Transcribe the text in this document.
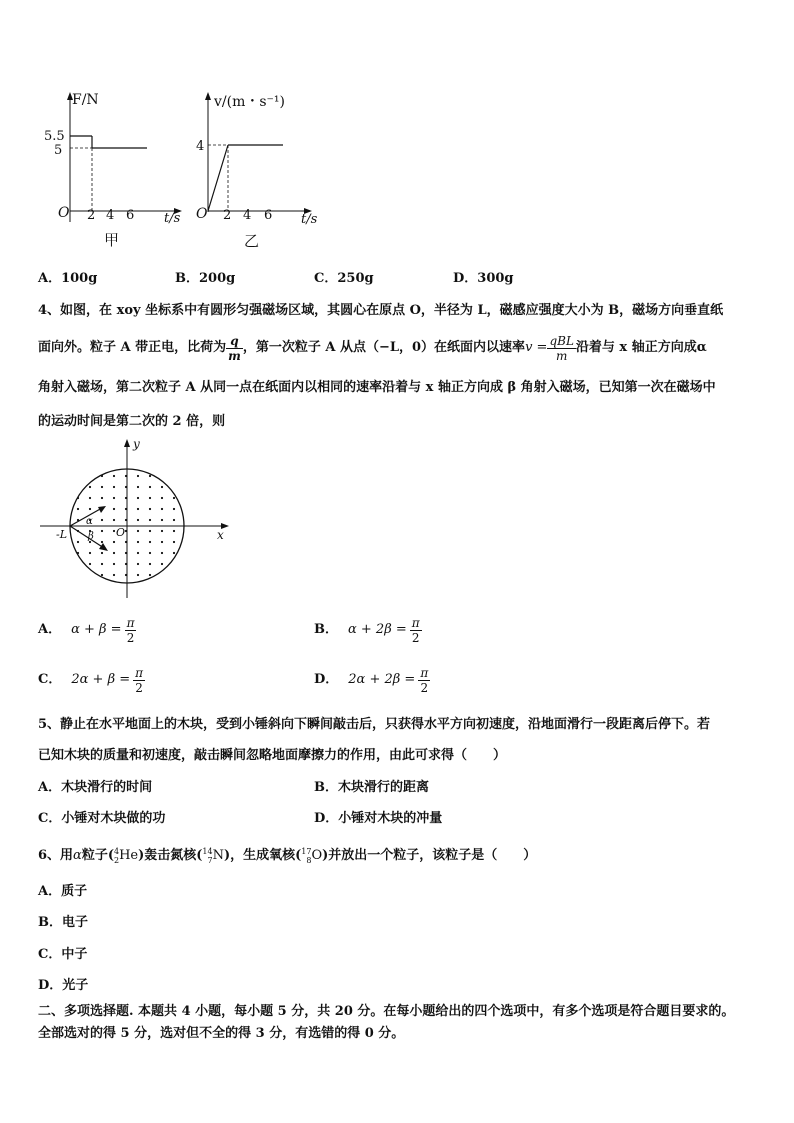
F/N
5.5
5
O 2 4 6 t/s
甲
v/(m・s⁻¹)
4
O 2 4 6 t/s
乙
A．100g	B．200g	C．250g	D．300g
4、如图，在 xoy 坐标系中有圆形匀强磁场区域，其圆心在原点 O，半径为 L，磁感应强度大小为 B，磁场方向垂直纸
面向外。粒子 A 带正电，比荷为 $\frac{q}{m}$ ，第一次粒子 A 从点（−L，0）在纸面内以速率 $v = \frac{\text{qBL}}{m}$ 沿着与 x 轴正方向成α
角射入磁场，第二次粒子 A 从同一点在纸面内以相同的速率沿着与 x 轴正方向成 β 角射入磁场，已知第一次在磁场中
的运动时间是第二次的 2 倍，则
y
x
O
-L
α
β
A． $\alpha + \beta = \frac{\pi}{2}$	B． $\alpha + 2\beta = \frac{\pi}{2}$
C． $2\alpha + \beta = \frac{\pi}{2}$	D． $2\alpha + 2\beta = \frac{\pi}{2}$
5、静止在水平地面上的木块，受到小锤斜向下瞬间敲击后，只获得水平方向初速度，沿地面滑行一段距离后停下。若
已知木块的质量和初速度，敲击瞬间忽略地面摩擦力的作用，由此可求得（　　）
A．木块滑行的时间	B．木块滑行的距离
C．小锤对木块做的功	D．小锤对木块的冲量
6、用 α 粒子( 4
2 He )轰击氮核( 14
7 N )，生成氧核( 17
8 O )并放出一个粒子，该粒子是（　　）
A．质子
B．电子
C．中子
D．光子
二、多项选择题. 本题共 4 小题，每小题 5 分，共 20 分。在每小题给出的四个选项中，有多个选项是符合题目要求的。
全部选对的得 5 分，选对但不全的得 3 分，有选错的得 0 分。
